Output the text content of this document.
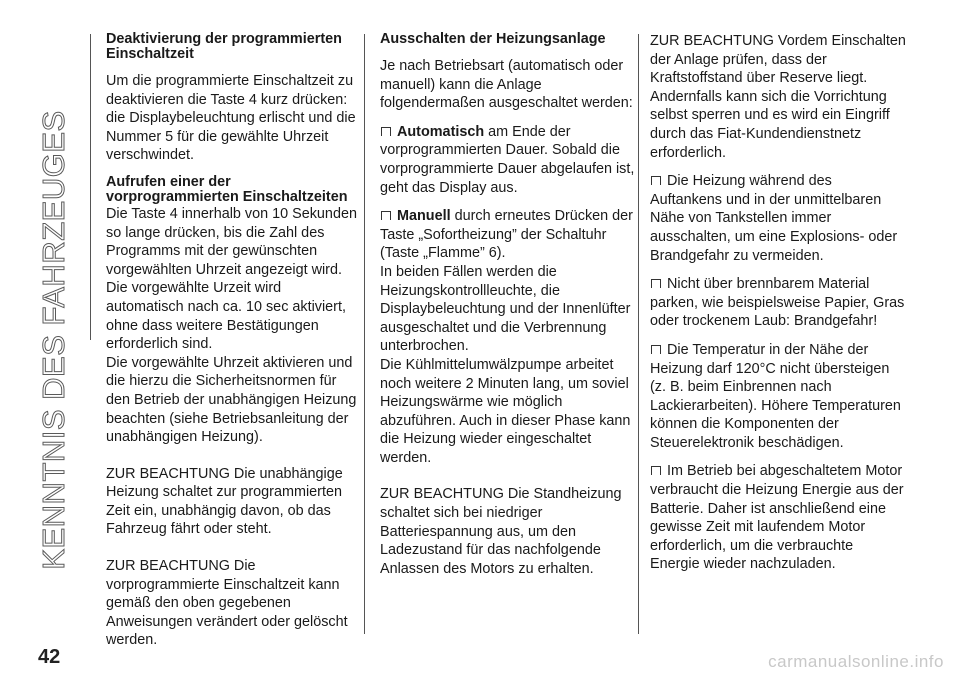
KENNTNIS DES FAHRZEUGES
Deaktivierung der programmierten Einschaltzeit

Um die programmierte Einschaltzeit zu deaktivieren die Taste 4 kurz drücken: die Displaybeleuchtung erlischt und die Nummer 5 für die gewählte Uhrzeit verschwindet.

Aufrufen einer der vorprogrammierten Einschaltzeiten

Die Taste 4 innerhalb von 10 Sekunden so lange drücken, bis die Zahl des Programms mit der gewünschten vorgewählten Uhrzeit angezeigt wird.

Die vorgewählte Urzeit wird automatisch nach ca. 10 sec aktiviert, ohne dass weitere Bestätigungen erforderlich sind.

Die vorgewählte Uhrzeit aktivieren und die hierzu die Sicherheitsnormen für den Betrieb der unabhängigen Heizung beachten (siehe Betriebsanleitung der unabhängigen Heizung).

ZUR BEACHTUNG Die unabhängige Heizung schaltet zur programmierten Zeit ein, unabhängig davon, ob das Fahrzeug fährt oder steht.

ZUR BEACHTUNG Die vorprogrammierte Einschaltzeit kann gemäß den oben gegebenen Anweisungen verändert oder gelöscht werden.

Ausschalten der Heizungsanlage

Je nach Betriebsart (automatisch oder manuell) kann die Anlage folgendermaßen ausgeschaltet werden:

Automatisch am Ende der vorprogrammierten Dauer. Sobald die vorprogrammierte Dauer abgelaufen ist, geht das Display aus.

Manuell durch erneutes Drücken der Taste „Sofortheizung” der Schaltuhr (Taste „Flamme” 6).

In beiden Fällen werden die Heizungskontrollleuchte, die Displaybeleuchtung und der Innenlüfter ausgeschaltet und die Verbrennung unterbrochen.

Die Kühlmittelumwälzpumpe arbeitet noch weitere 2 Minuten lang, um soviel Heizungswärme wie möglich abzuführen. Auch in dieser Phase kann die Heizung wieder eingeschaltet werden.

ZUR BEACHTUNG Die Standheizung schaltet sich bei niedriger Batteriespannung aus, um den Ladezustand für das nachfolgende Anlassen des Motors zu erhalten.

ZUR BEACHTUNG Vordem Einschalten der Anlage prüfen, dass der Kraftstoffstand über Reserve liegt. Andernfalls kann sich die Vorrichtung selbst sperren und es wird ein Eingriff durch das Fiat-Kundendienstnetz erforderlich.

Die Heizung während des Auftankens und in der unmittelbaren Nähe von Tankstellen immer ausschalten, um eine Explosions- oder Brandgefahr zu vermeiden.

Nicht über brennbarem Material parken, wie beispielsweise Papier, Gras oder trockenem Laub: Brandgefahr!

Die Temperatur in der Nähe der Heizung darf 120°C nicht übersteigen (z. B. beim Einbrennen nach Lackierarbeiten). Höhere Temperaturen können die Komponenten der Steuerelektronik beschädigen.

Im Betrieb bei abgeschaltetem Motor verbraucht die Heizung Energie aus der Batterie. Daher ist anschließend eine gewisse Zeit mit laufendem Motor erforderlich, um die verbrauchte Energie wieder nachzuladen.

42	carmanualsonline.info
